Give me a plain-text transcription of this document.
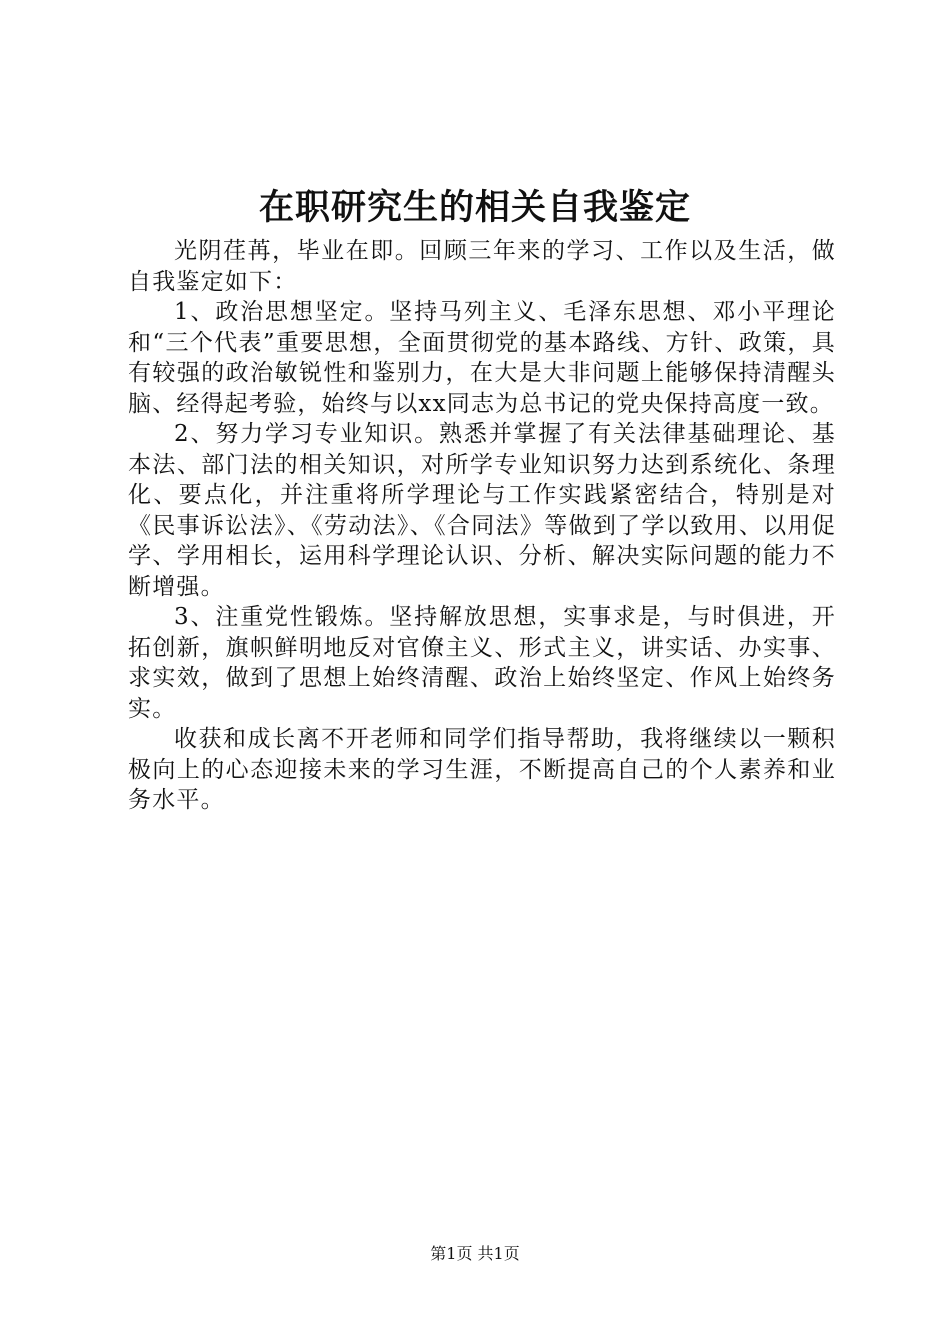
在职研究生的相关自我鉴定

光阴荏苒，毕业在即。回顾三年来的学习、工作以及生活，做自我鉴定如下：

1、政治思想坚定。坚持马列主义、毛泽东思想、邓小平理论和“三个代表”重要思想，全面贯彻党的基本路线、方针、政策，具有较强的政治敏锐性和鉴别力，在大是大非问题上能够保持清醒头脑、经得起考验，始终与以xx同志为总书记的党央保持高度一致。

2、努力学习专业知识。熟悉并掌握了有关法律基础理论、基本法、部门法的相关知识，对所学专业知识努力达到系统化、条理化、要点化，并注重将所学理论与工作实践紧密结合，特别是对《民事诉讼法》、《劳动法》、《合同法》等做到了学以致用、以用促学、学用相长，运用科学理论认识、分析、解决实际问题的能力不断增强。

3、注重党性锻炼。坚持解放思想，实事求是，与时俱进，开拓创新，旗帜鲜明地反对官僚主义、形式主义，讲实话、办实事、求实效，做到了思想上始终清醒、政治上始终坚定、作风上始终务实。

收获和成长离不开老师和同学们指导帮助，我将继续以一颗积极向上的心态迎接未来的学习生涯，不断提高自己的个人素养和业务水平。

第1页 共1页
